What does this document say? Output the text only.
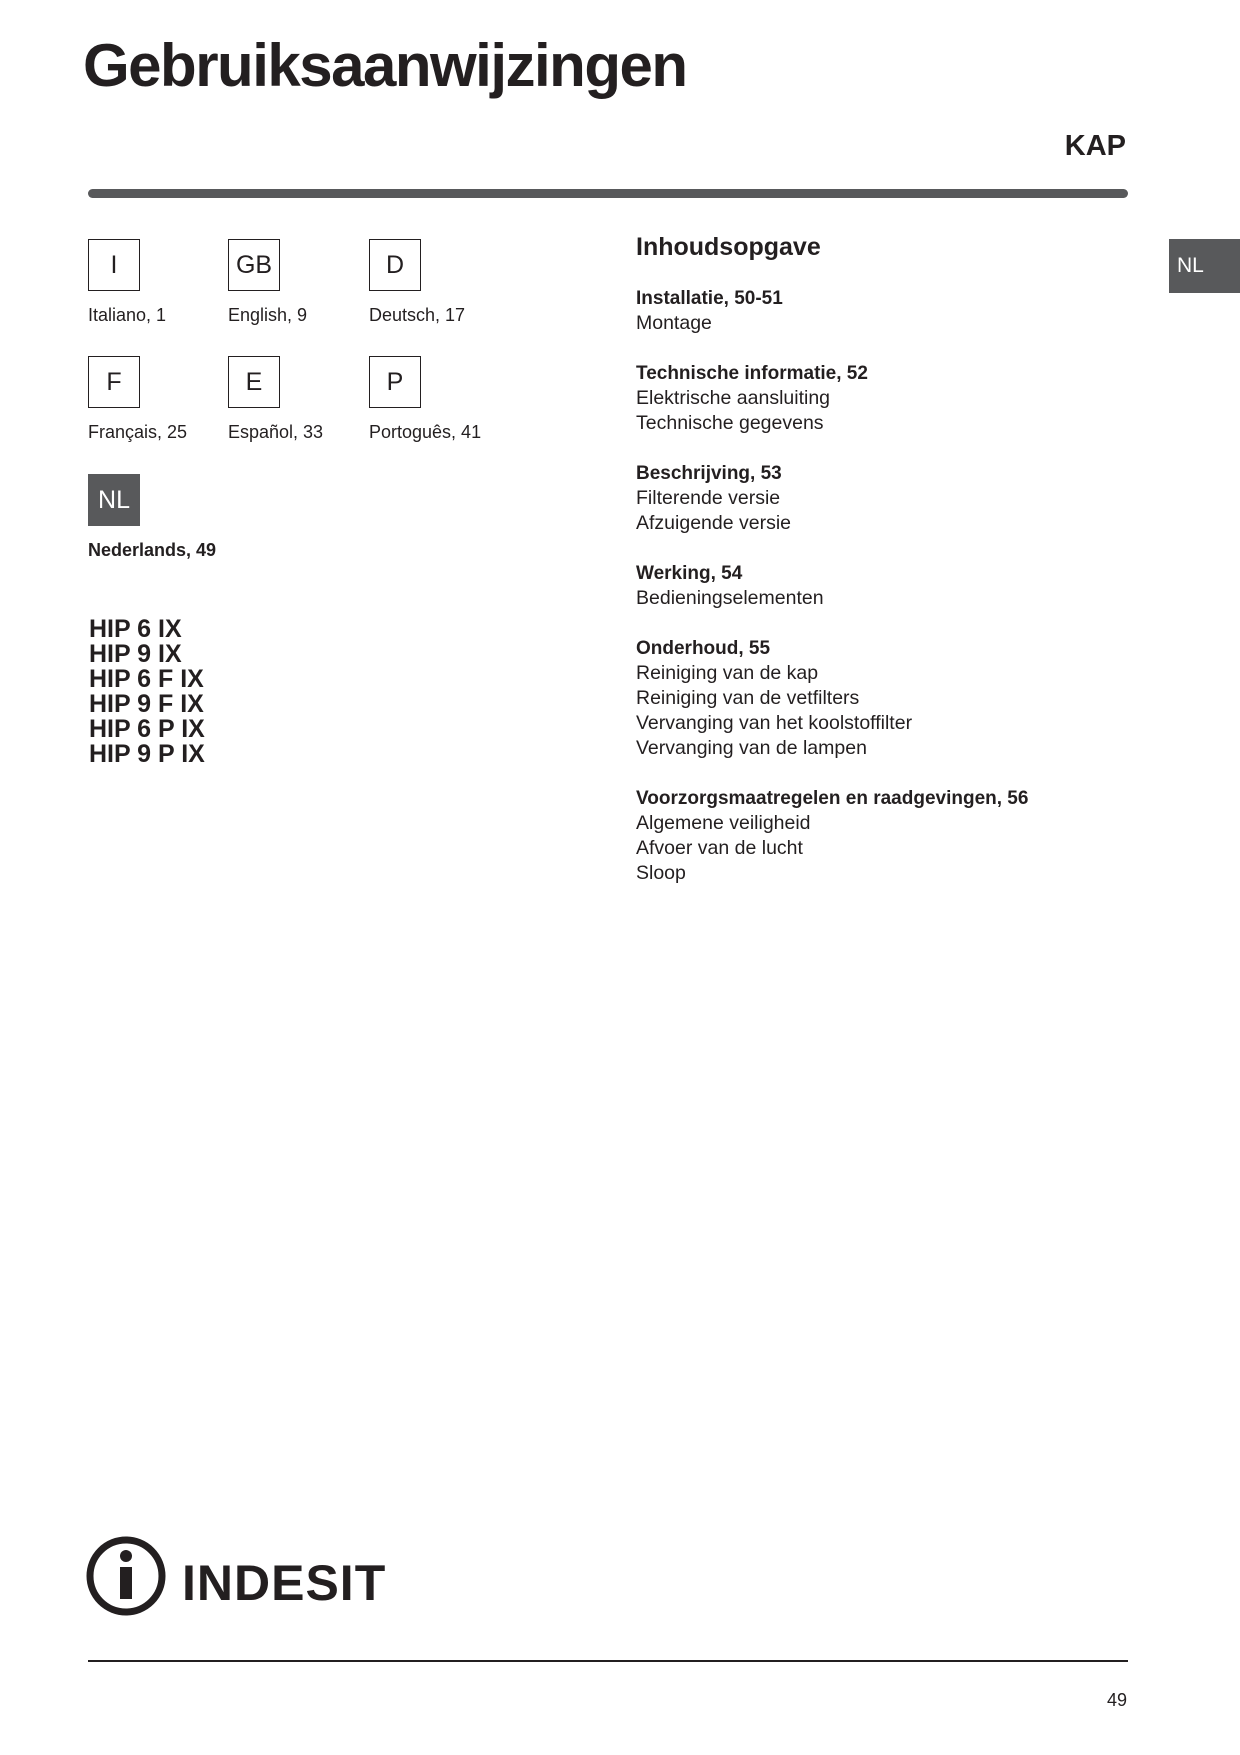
Gebruiksaanwijzingen
KAP
NL
I
Italiano, 1
GB
English, 9
D
Deutsch, 17
F
Français, 25
E
Español, 33
P
Portoguês, 41
NL
Nederlands, 49
HIP 6 IX
HIP 9 IX
HIP 6 F IX
HIP 9 F IX
HIP 6 P IX
HIP 9 P IX
Inhoudsopgave
Installatie, 50-51
Montage
Technische informatie, 52
Elektrische aansluiting
Technische gegevens
Beschrijving, 53
Filterende versie
Afzuigende versie
Werking, 54
Bedieningselementen
Onderhoud, 55
Reiniging van de kap
Reiniging van de vetfilters
Vervanging van het koolstoffilter
Vervanging van de lampen
Voorzorgsmaatregelen en raadgevingen, 56
Algemene veiligheid
Afvoer van de lucht
Sloop
INDESIT
49
